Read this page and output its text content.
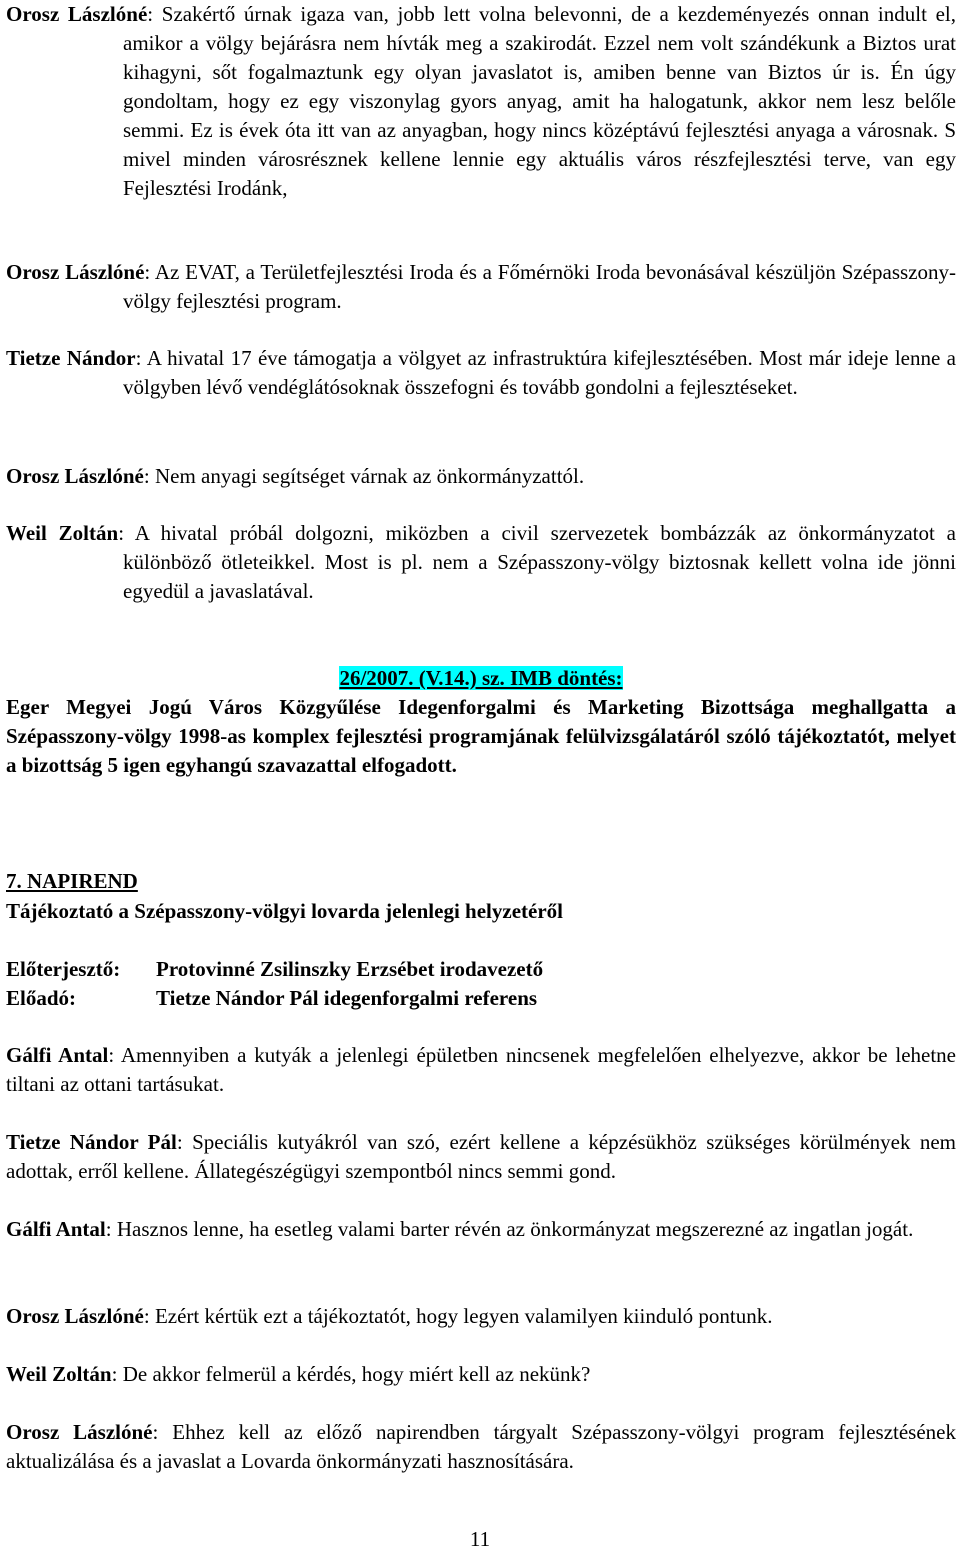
Orosz Lászlóné: Szakértő úrnak igaza van, jobb lett volna belevonni, de a kezdeményezés onnan indult el, amikor a völgy bejárásra nem hívták meg a szakirodát. Ezzel nem volt szándékunk a Biztos urat kihagyni, sőt fogalmaztunk egy olyan javaslatot is, amiben benne van Biztos úr is. Én úgy gondoltam, hogy ez egy viszonylag gyors anyag, amit ha halogatunk, akkor nem lesz belőle semmi. Ez is évek óta itt van az anyagban, hogy nincs középtávú fejlesztési anyaga a városnak. S mivel minden városrésznek kellene lennie egy aktuális város részfejlesztési terve, van egy Fejlesztési Irodánk,
Orosz Lászlóné: Az EVAT, a Területfejlesztési Iroda és a Főmérnöki Iroda bevonásával készüljön Szépasszony-völgy fejlesztési program.
Tietze Nándor: A hivatal 17 éve támogatja a völgyet az infrastruktúra kifejlesztésében. Most már ideje lenne a völgyben lévő vendéglátósoknak összefogni és tovább gondolni a fejlesztéseket.
Orosz Lászlóné: Nem anyagi segítséget várnak az önkormányzattól.
Weil Zoltán: A hivatal próbál dolgozni, miközben a civil szervezetek bombázzák az önkormányzatot a különböző ötleteikkel. Most is pl. nem a Szépasszony-völgy biztosnak kellett volna ide jönni egyedül a javaslatával.
26/2007. (V.14.) sz. IMB döntés:
Eger Megyei Jogú Város Közgyűlése Idegenforgalmi és Marketing Bizottsága meghallgatta a Szépasszony-völgy 1998-as komplex fejlesztési programjának felülvizsgálatáról szóló tájékoztatót, melyet a bizottság 5 igen egyhangú szavazattal elfogadott.
7. NAPIREND
Tájékoztató a Szépasszony-völgyi lovarda jelenlegi helyzetéről
Előterjesztő: Protovinné Zsilinszky Erzsébet irodavezető
Előadó:	Tietze Nándor Pál idegenforgalmi referens
Gálfi Antal: Amennyiben a kutyák a jelenlegi épületben nincsenek megfelelően elhelyezve, akkor be lehetne tiltani az ottani tartásukat.
Tietze Nándor Pál: Speciális kutyákról van szó, ezért kellene a képzésükhöz szükséges körülmények nem adottak, erről kellene. Állategészégügyi szempontból nincs semmi gond.
Gálfi Antal: Hasznos lenne, ha esetleg valami barter révén az önkormányzat megszerezné az ingatlan jogát.
Orosz Lászlóné: Ezért kértük ezt a tájékoztatót, hogy legyen valamilyen kiinduló pontunk.
Weil Zoltán: De akkor felmerül a kérdés, hogy miért kell az nekünk?
Orosz Lászlóné: Ehhez kell az előző napirendben tárgyalt Szépasszony-völgyi program fejlesztésének aktualizálása és a javaslat a Lovarda önkormányzati hasznosítására.
11
